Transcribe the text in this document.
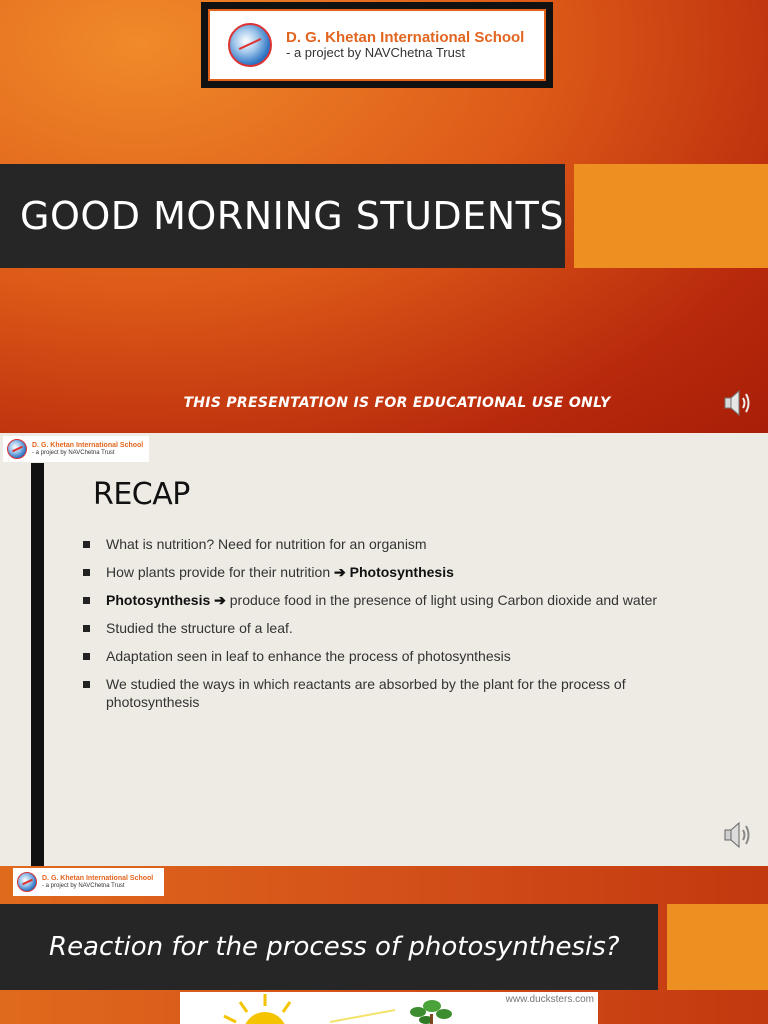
D. G. Khetan International School
- a project by NAVChetna Trust
GOOD MORNING STUDENTS
THIS PRESENTATION IS FOR EDUCATIONAL USE ONLY
D. G. Khetan International School
- a project by NAVChetna Trust
RECAP
What is nutrition? Need for nutrition for an organism
How plants provide for their nutrition ➔ Photosynthesis
Photosynthesis ➔ produce food in the presence of light using Carbon dioxide and water
Studied the structure of a leaf.
Adaptation seen in leaf to enhance the process of photosynthesis
We studied the ways in which reactants are absorbed by the plant for the process of photosynthesis
D. G. Khetan International School
- a project by NAVChetna Trust
Reaction for the process of photosynthesis?
www.ducksters.com
